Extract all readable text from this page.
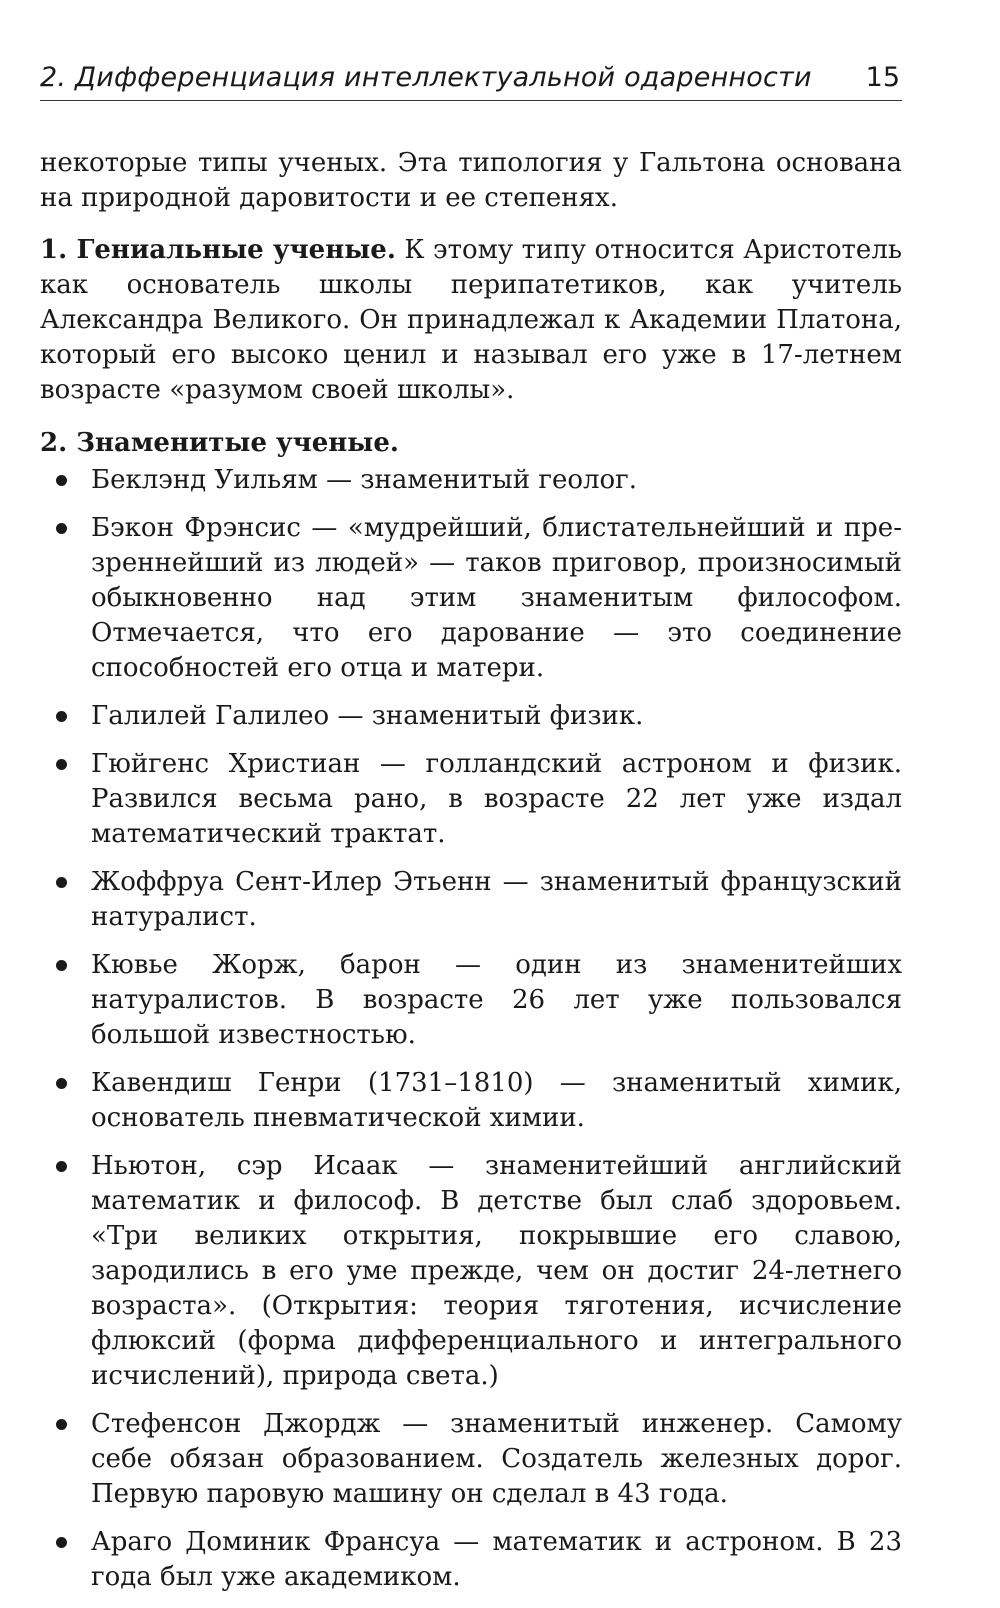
2. Дифференциация интеллектуальной одаренности 15

некоторые типы ученых. Эта типология у Гальтона основана на природной даровитости и ее степенях.

1. Гениальные ученые. К этому типу относится Аристотель как основатель школы перипатетиков, как учитель Александра Великого. Он принадлежал к Академии Платона, который его высоко ценил и называл его уже в 17-летнем возрасте «разумом своей школы».

2. Знаменитые ученые.

Беклэнд Уильям — знаменитый геолог.
Бэкон Фрэнсис — «мудрейший, блистательнейший и презреннейший из людей» — таков приговор, произносимый обыкновенно над этим знаменитым философом. Отмечается, что его дарование — это соединение способностей его отца и матери.
Галилей Галилео — знаменитый физик.
Гюйгенс Христиан — голландский астроном и физик. Развился весьма рано, в возрасте 22 лет уже издал математический трактат.
Жоффруа Сент-Илер Этьенн — знаменитый французский натуралист.
Кювье Жорж, барон — один из знаменитейших натуралистов. В возрасте 26 лет уже пользовался большой известностью.
Кавендиш Генри (1731–1810) — знаменитый химик, основатель пневматической химии.
Ньютон, сэр Исаак — знаменитейший английский математик и философ. В детстве был слаб здоровьем. «Три великих открытия, покрывшие его славою, зародились в его уме прежде, чем он достиг 24-летнего возраста». (Открытия: теория тяготения, исчисление флюксий (форма дифференциального и интегрального исчислений), природа света.)
Стефенсон Джордж — знаменитый инженер. Самому себе обязан образованием. Создатель железных дорог. Первую паровую машину он сделал в 43 года.
Араго Доминик Франсуа — математик и астроном. В 23 года был уже академиком.
